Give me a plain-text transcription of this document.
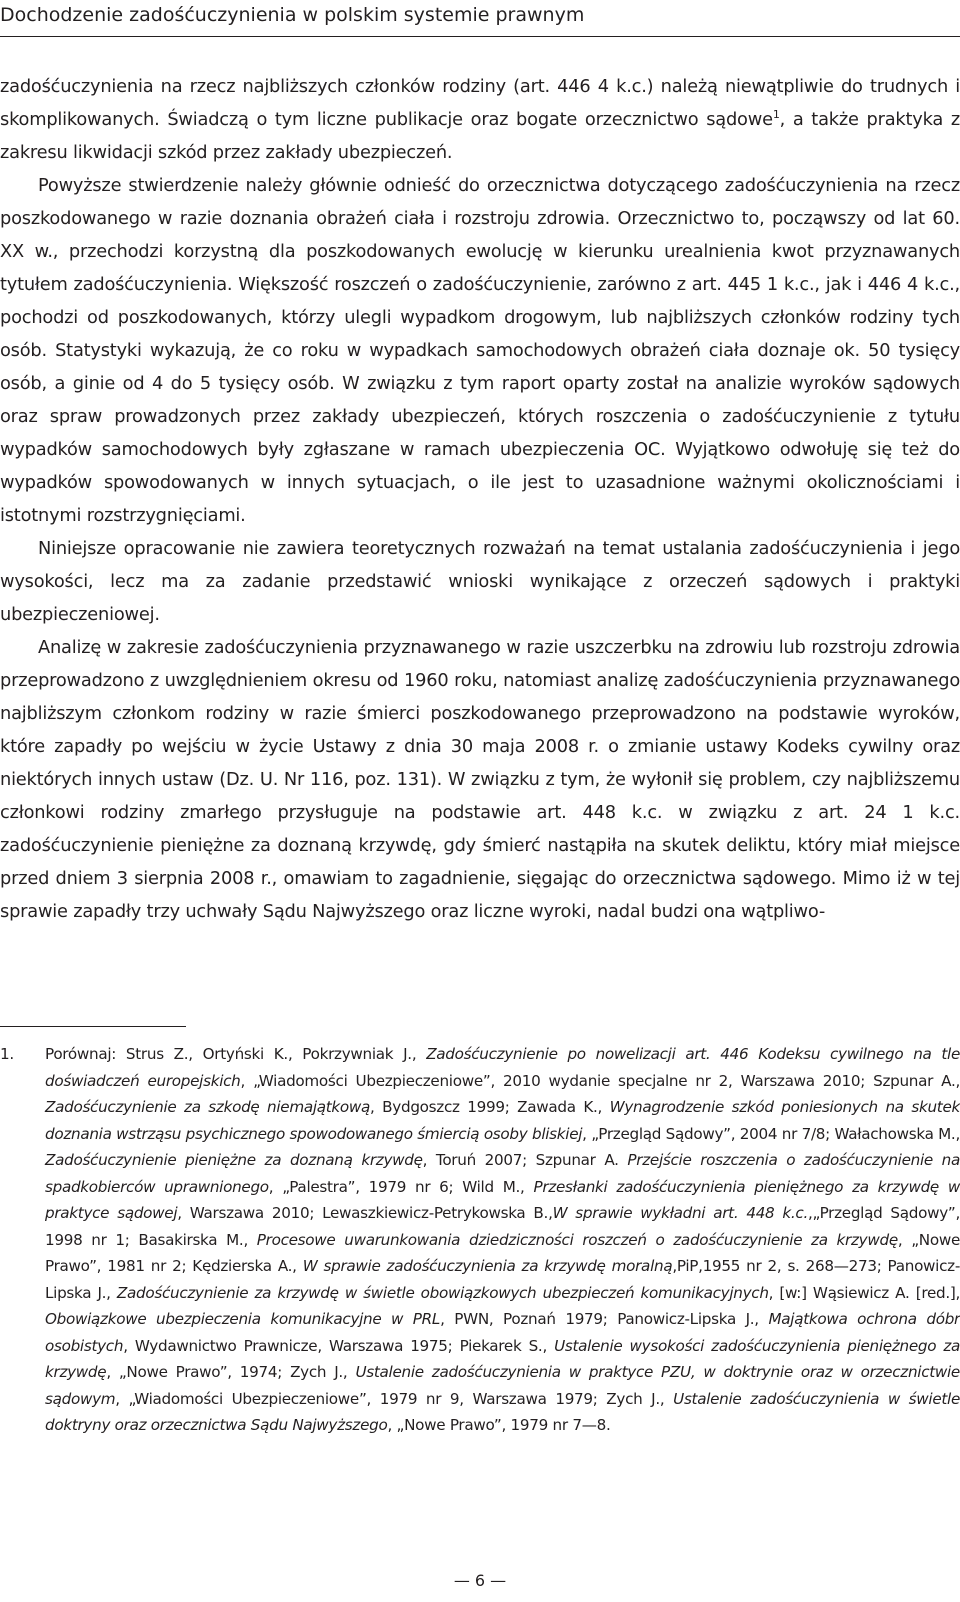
Dochodzenie zadośćuczynienia w polskim systemie prawnym

zadośćuczynienia na rzecz najbliższych członków rodziny (art. 446 4 k.c.) należą niewątpliwie do trudnych i skomplikowanych. Świadczą o tym liczne publikacje oraz bogate orzecznictwo sądowe$^1$, a także praktyka z zakresu likwidacji szkód przez zakłady ubezpieczeń.

Powyższe stwierdzenie należy głównie odnieść do orzecznictwa dotyczącego zadośćuczynienia na rzecz poszkodowanego w razie doznania obrażeń ciała i rozstroju zdrowia. Orzecznictwo to, począwszy od lat 60. XX w., przechodzi korzystną dla poszkodowanych ewolucję w kierunku urealnienia kwot przyznawanych tytułem zadośćuczynienia. Większość roszczeń o zadośćuczynienie, zarówno z art. 445 1 k.c., jak i 446 4 k.c., pochodzi od poszkodowanych, którzy ulegli wypadkom drogowym, lub najbliższych członków rodziny tych osób. Statystyki wykazują, że co roku w wypadkach samochodowych obrażeń ciała doznaje ok. 50 tysięcy osób, a ginie od 4 do 5 tysięcy osób. W związku z tym raport oparty został na analizie wyroków sądowych oraz spraw prowadzonych przez zakłady ubezpieczeń, których roszczenia o zadośćuczynienie z tytułu wypadków samochodowych były zgłaszane w ramach ubezpieczenia OC. Wyjątkowo odwołuję się też do wypadków spowodowanych w innych sytuacjach, o ile jest to uzasadnione ważnymi okolicznościami i istotnymi rozstrzygnięciami.

Niniejsze opracowanie nie zawiera teoretycznych rozważań na temat ustalania zadośćuczynienia i jego wysokości, lecz ma za zadanie przedstawić wnioski wynikające z orzeczeń sądowych i praktyki ubezpieczeniowej.

Analizę w zakresie zadośćuczynienia przyznawanego w razie uszczerbku na zdrowiu lub rozstroju zdrowia przeprowadzono z uwzględnieniem okresu od 1960 roku, natomiast analizę zadośćuczynienia przyznawanego najbliższym członkom rodziny w razie śmierci poszkodowanego przeprowadzono na podstawie wyroków, które zapadły po wejściu w życie Ustawy z dnia 30 maja 2008 r. o zmianie ustawy Kodeks cywilny oraz niektórych innych ustaw (Dz. U. Nr 116, poz. 131). W związku z tym, że wyłonił się problem, czy najbliższemu członkowi rodziny zmarłego przysługuje na podstawie art. 448 k.c. w związku z art. 24 1 k.c. zadośćuczynienie pieniężne za doznaną krzywdę, gdy śmierć nastąpiła na skutek deliktu, który miał miejsce przed dniem 3 sierpnia 2008 r., omawiam to zagadnienie, sięgając do orzecznictwa sądowego. Mimo iż w tej sprawie zapadły trzy uchwały Sądu Najwyższego oraz liczne wyroki, nadal budzi ona wątpliwo-

1. Porównaj: Strus Z., Ortyński K., Pokrzywniak J., Zadośćuczynienie po nowelizacji art. 446 Kodeksu cywilnego na tle doświadczeń europejskich, „Wiadomości Ubezpieczeniowe”, 2010 wydanie specjalne nr 2, Warszawa 2010; Szpunar A., Zadośćuczynienie za szkodę niemajątkową, Bydgoszcz 1999; Zawada K., Wynagrodzenie szkód poniesionych na skutek doznania wstrząsu psychicznego spowodowanego śmiercią osoby bliskiej, „Przegląd Sądowy”, 2004 nr 7/8; Wałachowska M., Zadośćuczynienie pieniężne za doznaną krzywdę, Toruń 2007; Szpunar A. Przejście roszczenia o zadośćuczynienie na spadkobierców uprawnionego, „Palestra”, 1979 nr 6; Wild M., Przesłanki zadośćuczynienia pieniężnego za krzywdę w praktyce sądowej, Warszawa 2010; Lewaszkiewicz-Petrykowska B.,W sprawie wykładni art. 448 k.c.,„Przegląd Sądowy”, 1998 nr 1; Basakirska M., Procesowe uwarunkowania dziedziczności roszczeń o zadośćuczynienie za krzywdę, „Nowe Prawo”, 1981 nr 2; Kędzierska A., W sprawie zadośćuczynienia za krzywdę moralną,PiP,1955 nr 2, s. 268—273; Panowicz-Lipska J., Zadośćuczynienie za krzywdę w świetle obowiązkowych ubezpieczeń komunikacyjnych, [w:] Wąsiewicz A. [red.], Obowiązkowe ubezpieczenia komunikacyjne w PRL, PWN, Poznań 1979; Panowicz-Lipska J., Majątkowa ochrona dóbr osobistych, Wydawnictwo Prawnicze, Warszawa 1975; Piekarek S., Ustalenie wysokości zadośćuczynienia pieniężnego za krzywdę, „Nowe Prawo”, 1974; Zych J., Ustalenie zadośćuczynienia w praktyce PZU, w doktrynie oraz w orzecznictwie sądowym, „Wiadomości Ubezpieczeniowe”, 1979 nr 9, Warszawa 1979; Zych J., Ustalenie zadośćuczynienia w świetle doktryny oraz orzecznictwa Sądu Najwyższego, „Nowe Prawo”, 1979 nr 7—8.
— 6 —
